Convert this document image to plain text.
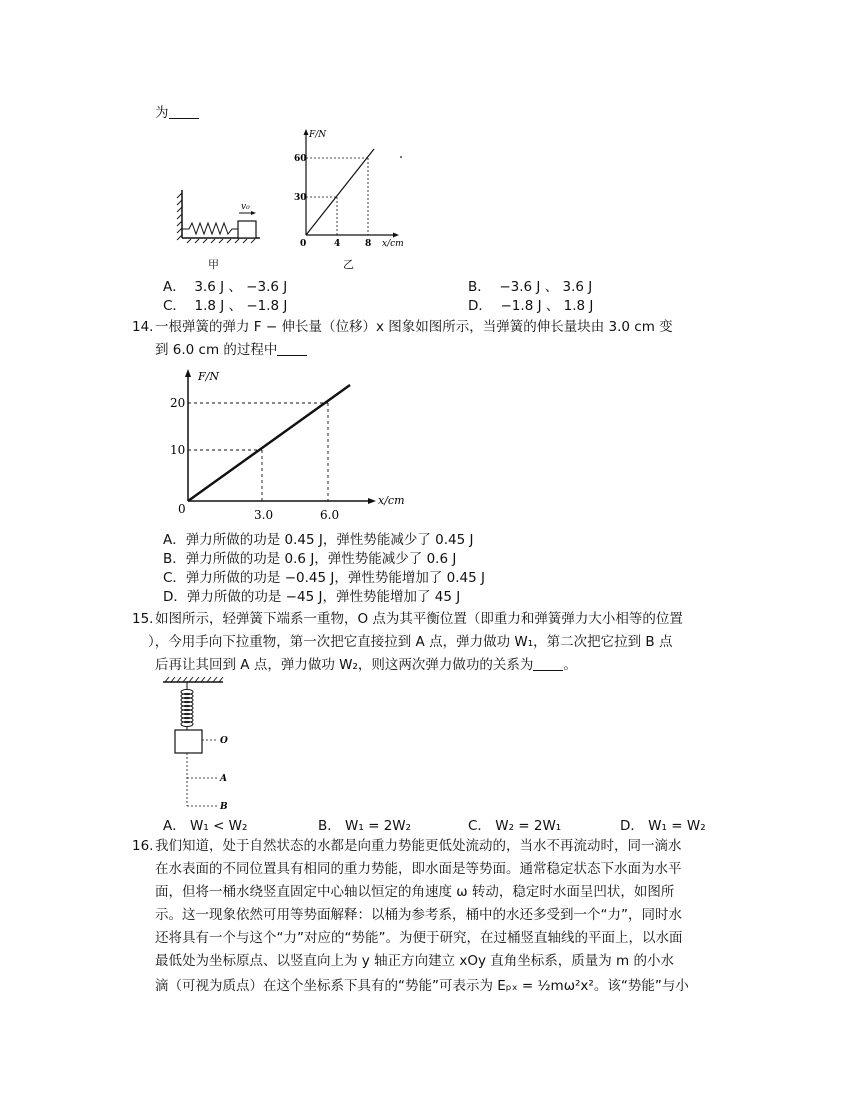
为
v₀
甲
F/N
60
30
0	4	8 x/cm
乙
A． 3.6 J 、 −3.6 J	B． −3.6 J 、 3.6 J
C． 1.8 J 、 −1.8 J	D． −1.8 J 、 1.8 J
14. 一根弹簧的弹力 F − 伸长量（位移）x 图象如图所示，当弹簧的伸长量块由 3.0 cm 变
到 6.0 cm 的过程中
F/N
20
10
0	3.0	6.0
x/cm
A．弹力所做的功是 0.45 J，弹性势能减少了 0.45 J
B．弹力所做的功是 0.6 J，弹性势能减少了 0.6 J
C．弹力所做的功是 −0.45 J，弹性势能增加了 0.45 J
D．弹力所做的功是 −45 J，弹性势能增加了 45 J
15. 如图所示，轻弹簧下端系一重物，O 点为其平衡位置（即重力和弹簧弹力大小相等的位置
），今用手向下拉重物，第一次把它直接拉到 A 点，弹力做功 W₁，第二次把它拉到 B 点
后再让其回到 A 点，弹力做功 W₂，则这两次弹力做功的关系为 。
O
A
B
A． W₁ < W₂	B． W₁ = 2W₂	C． W₂ = 2W₁	D． W₁ = W₂
16. 我们知道，处于自然状态的水都是向重力势能更低处流动的，当水不再流动时，同一滴水
在水表面的不同位置具有相同的重力势能，即水面是等势面。通常稳定状态下水面为水平
面，但将一桶水绕竖直固定中心轴以恒定的角速度 ω 转动，稳定时水面呈凹状，如图所
示。这一现象依然可用等势面解释：以桶为参考系，桶中的水还多受到一个“力”，同时水
还将具有一个与这个“力”对应的“势能”。为便于研究，在过桶竖直轴线的平面上，以水面
最低处为坐标原点、以竖直向上为 y 轴正方向建立 xOy 直角坐标系，质量为 m 的小水
滴（可视为质点）在这个坐标系下具有的“势能”可表示为 Eₚₓ = ½mω²x²。该“势能”与小
